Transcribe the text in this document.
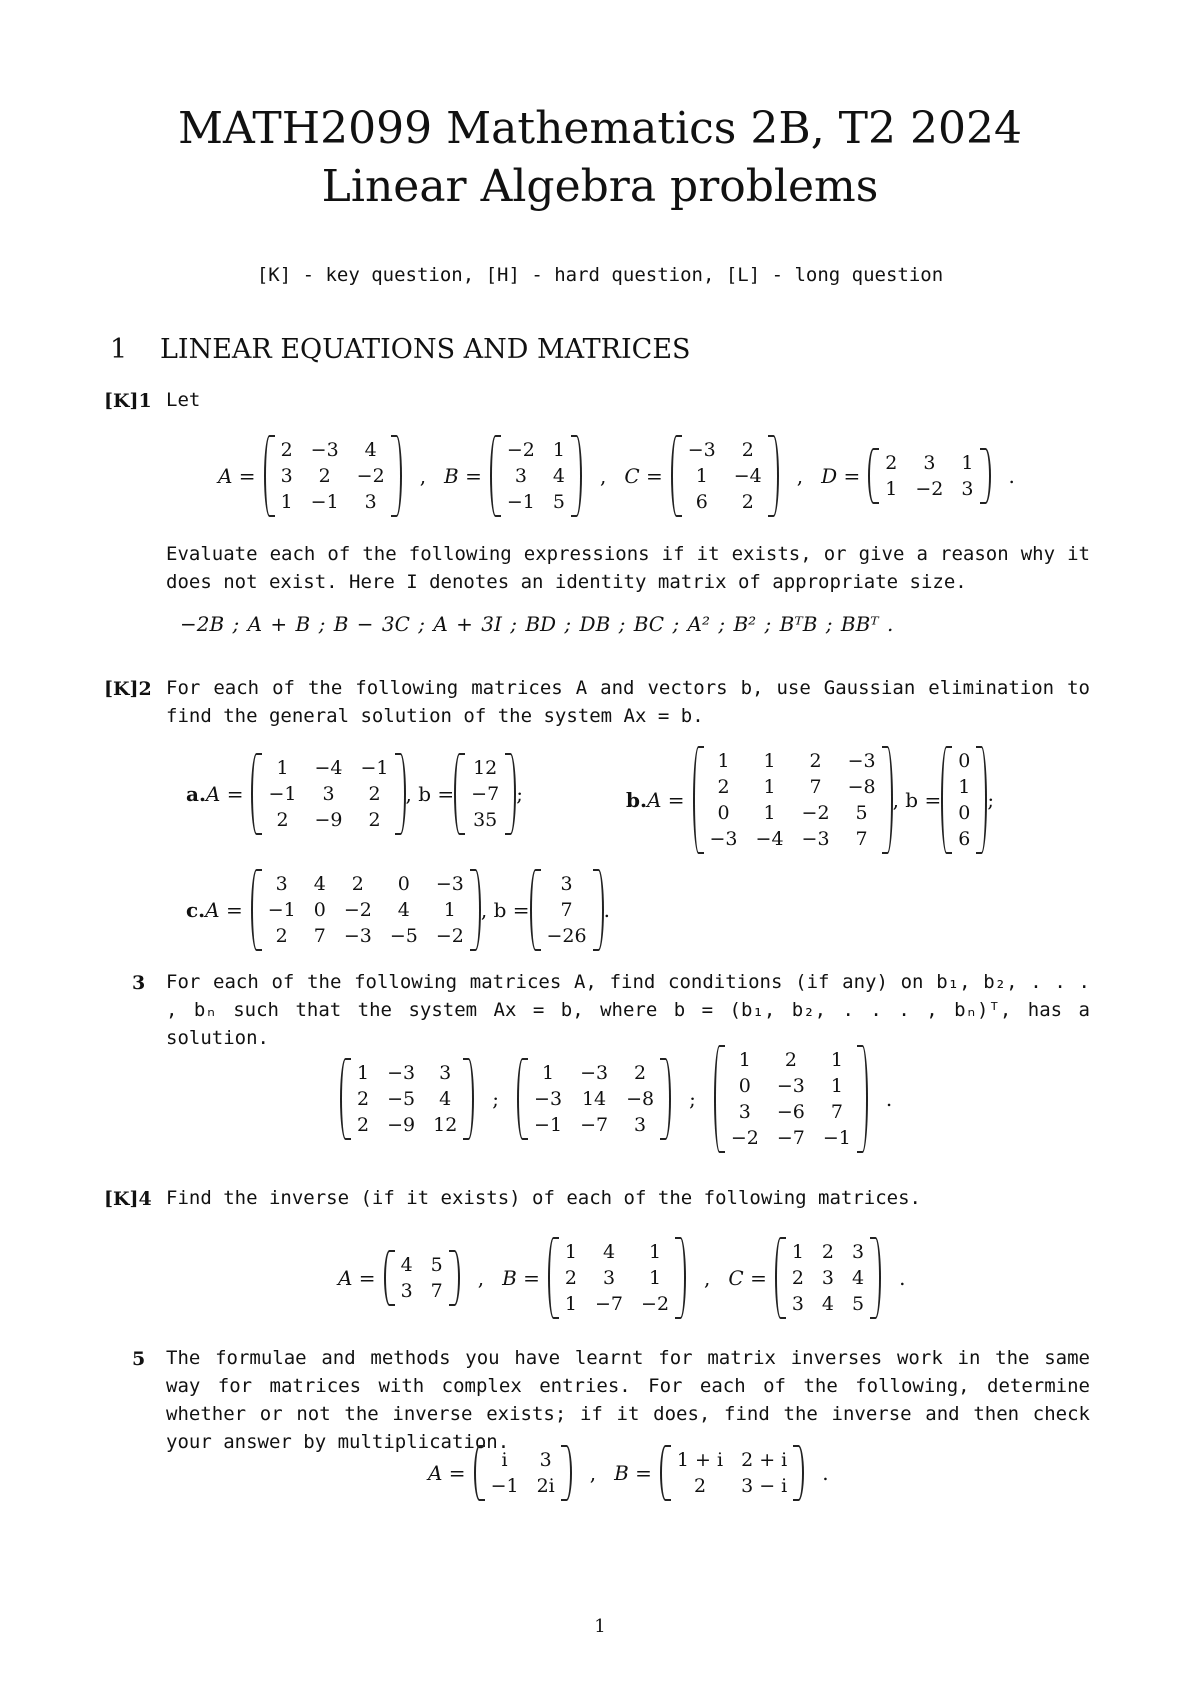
MATH2099 Mathematics 2B, T2 2024
Linear Algebra problems
[K] - key question, [H] - hard question, [L] - long question
1 LINEAR EQUATIONS AND MATRICES
[K]1 Let
A =
2 −3	4
3	2	−2
1 −1	3
, B =
−2 1
3	4
−1 5
, C =
−3	2
1	−4
6	2
, D =
2	3	1
1 −2 3
.
Evaluate each of the following expressions if it exists, or give a reason why it does not exist. Here I denotes an identity matrix of appropriate size.
−2B ; A + B ; B − 3C ; A + 3I ; BD ; DB ; BC ; A² ; B² ; BᵀB ; BBᵀ .
[K]2 For each of the following matrices A and vectors b, use Gaussian elimination to find the general solution of the system Ax = b.
a. A =
1	−4 −1
−1	3	2
2	−9	2
, b =
12
−7
35
;	b. A =
1	1	2	−3
2	1	7	−8
0	1	−2	5
−3 −4 −3	7
, b =
0
1
0
6
;
c. A =
3	4	2	0	−3
−1 0 −2	4	1
2	7 −3 −5 −2
, b =
3
7
−26
.
3 For each of the following matrices A, find conditions (if any) on b₁, b₂, . . . , bₙ such that the system Ax = b, where b = (b₁, b₂, . . . , bₙ)ᵀ, has a solution.
1 −3	3
2 −5	4
2 −9 12
;
1	−3	2
−3 14 −8
−1 −7	3
;
1	2	1
0	−3	1
3	−6	7
−2 −7 −1
.
[K]4 Find the inverse (if it exists) of each of the following matrices.
A =
4 5
3 7
, B =
1	4	1
2	3	1
1 −7 −2
, C =
1 2 3
2 3 4
3 4 5
.
5 The formulae and methods you have learnt for matrix inverses work in the same way for matrices with complex entries. For each of the following, determine whether or not the inverse exists; if it does, find the inverse and then check your answer by multiplication.
A =
i	3
−1 2i
, B =
1 + i 2 + i
2	3 − i
.
1
